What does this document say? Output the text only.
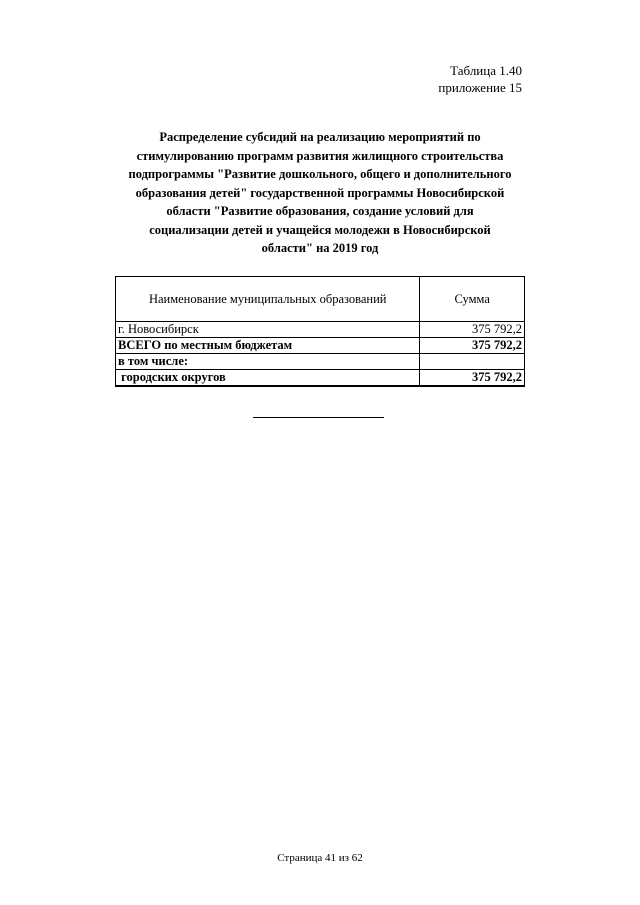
Таблица 1.40
приложение 15
Распределение субсидий на реализацию мероприятий по
стимулированию программ развития жилищного строительства
подпрограммы "Развитие дошкольного, общего и дополнительного
образования детей" государственной программы Новосибирской
области "Развитие образования, создание условий для
социализации детей и учащейся молодежи в Новосибирской
области" на 2019 год
Наименование муниципальных образований	Сумма
г. Новосибирск	375 792,2
ВСЕГО по местным бюджетам	375 792,2
в том числе:	
городских округов	375 792,2
Страница 41 из 62
